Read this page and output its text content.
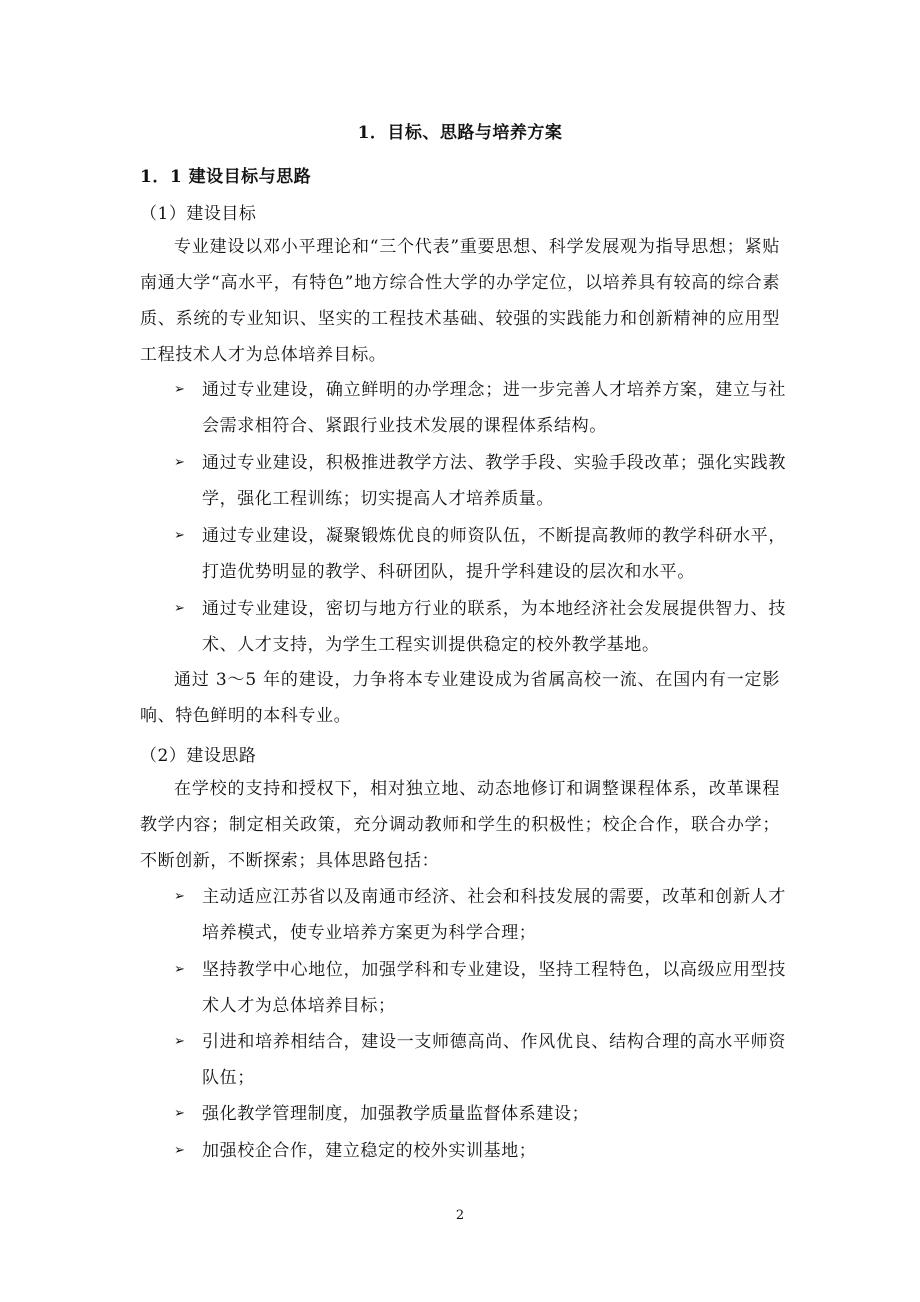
1．目标、思路与培养方案
1．1 建设目标与思路
（1）建设目标

专业建设以邓小平理论和“三个代表”重要思想、科学发展观为指导思想；紧贴南通大学“高水平，有特色”地方综合性大学的办学定位，以培养具有较高的综合素质、系统的专业知识、坚实的工程技术基础、较强的实践能力和创新精神的应用型工程技术人才为总体培养目标。

➢ 通过专业建设，确立鲜明的办学理念；进一步完善人才培养方案，建立与社会需求相符合、紧跟行业技术发展的课程体系结构。
➢ 通过专业建设，积极推进教学方法、教学手段、实验手段改革；强化实践教学，强化工程训练；切实提高人才培养质量。
➢ 通过专业建设，凝聚锻炼优良的师资队伍，不断提高教师的教学科研水平，打造优势明显的教学、科研团队，提升学科建设的层次和水平。
➢ 通过专业建设，密切与地方行业的联系，为本地经济社会发展提供智力、技术、人才支持，为学生工程实训提供稳定的校外教学基地。

通过 3～5 年的建设，力争将本专业建设成为省属高校一流、在国内有一定影响、特色鲜明的本科专业。

（2）建设思路

在学校的支持和授权下，相对独立地、动态地修订和调整课程体系，改革课程教学内容；制定相关政策，充分调动教师和学生的积极性；校企合作，联合办学；不断创新，不断探索；具体思路包括：

➢ 主动适应江苏省以及南通市经济、社会和科技发展的需要，改革和创新人才培养模式，使专业培养方案更为科学合理；
➢ 坚持教学中心地位，加强学科和专业建设，坚持工程特色，以高级应用型技术人才为总体培养目标；
➢ 引进和培养相结合，建设一支师德高尚、作风优良、结构合理的高水平师资队伍；
➢ 强化教学管理制度，加强教学质量监督体系建设；
➢ 加强校企合作，建立稳定的校外实训基地；
2
